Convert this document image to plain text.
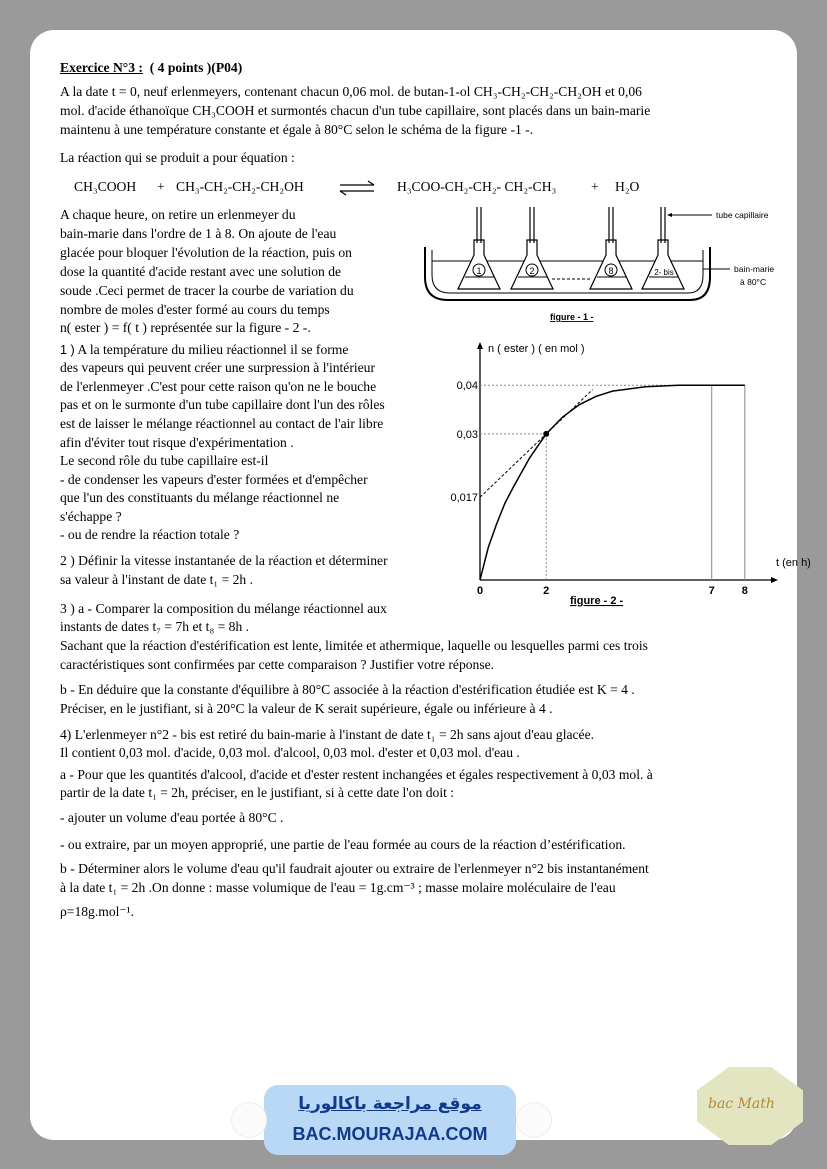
Exercice N°3 : ( 4 points )(P04)
A la date t = 0, neuf erlenmeyers, contenant chacun 0,06 mol. de butan-1-ol CH₃-CH₂-CH₂-CH₂OH et 0,06
mol. d'acide éthanoïque CH₃COOH et surmontés chacun d'un tube capillaire, sont placés dans un bain-marie
maintenu à une température constante et égale à 80°C selon le schéma de la figure -1 -.
La réaction qui se produit a pour équation :
CH₃COOH + CH₃-CH₂-CH₂-CH₂OH ⇌ H₃COO-CH₂-CH₂- CH₂-CH₃	+ H₂O
A chaque heure, on retire un erlenmeyer du
bain-marie dans l'ordre de 1 à 8. On ajoute de l'eau
glacée pour bloquer l'évolution de la réaction, puis on
dose la quantité d'acide restant avec une solution de
soude .Ceci permet de tracer la courbe de variation du
nombre de moles d'ester formé au cours du temps
n( ester ) = f( t ) représentée sur la figure - 2 -.
1	2	8	2- bis
tube capillaire
bain-marie
à 80°C
figure - 1 -
1 ) A la température du milieu réactionnel il se forme
des vapeurs qui peuvent créer une surpression à l'intérieur
de l'erlenmeyer .C'est pour cette raison qu'on ne le bouche
pas et on le surmonte d'un tube capillaire dont l'un des rôles
est de laisser le mélange réactionnel au contact de l'air libre
afin d'éviter tout risque d'expérimentation .
Le second rôle du tube capillaire est-il
- de condenser les vapeurs d'ester formées et d'empêcher
que l'un des constituants du mélange réactionnel ne
s'échappe ?
- ou de rendre la réaction totale ?
2 ) Définir la vitesse instantanée de la réaction et déterminer
sa valeur à l'instant de date t₁ = 2h .
3 ) a - Comparer la composition du mélange réactionnel aux
instants de dates t₇ = 7h et t₈ = 8h .
Sachant que la réaction d'estérification est lente, limitée et athermique, laquelle ou lesquelles parmi ces trois
caractéristiques sont confirmées par cette comparaison ? Justifier votre réponse.
b - En déduire que la constante d'équilibre à 80°C associée à la réaction d'estérification étudiée est K = 4 .
Préciser, en le justifiant, si à 20°C la valeur de K serait supérieure, égale ou inférieure à 4 .
4) L'erlenmeyer n°2 - bis est retiré du bain-marie à l'instant de date t₁ = 2h sans ajout d'eau glacée.
Il contient 0,03 mol. d'acide, 0,03 mol. d'alcool, 0,03 mol. d'ester et 0,03 mol. d'eau .
a - Pour que les quantités d'alcool, d'acide et d'ester restent inchangées et égales respectivement à 0,03 mol. à
partir de la date t₁ = 2h, préciser, en le justifiant, si à cette date l'on doit :
- ajouter un volume d'eau portée à 80°C .
- ou extraire, par un moyen approprié, une partie de l'eau formée au cours de la réaction d’estérification.
b - Déterminer alors le volume d'eau qu'il faudrait ajouter ou extraire de l'erlenmeyer n°2 bis instantanément
à la date t₁ = 2h .On donne : masse volumique de l'eau = 1g.cm⁻³ ; masse molaire moléculaire de l'eau
ρ=18g.mol⁻¹.
n ( ester ) ( en mol )
t (en h)
figure - 2 -
0	2	7 8
0,04
0,03
0,017
موقع مراجعة باكالوريا
BAC.MOURAJAA.COM
bac Math
